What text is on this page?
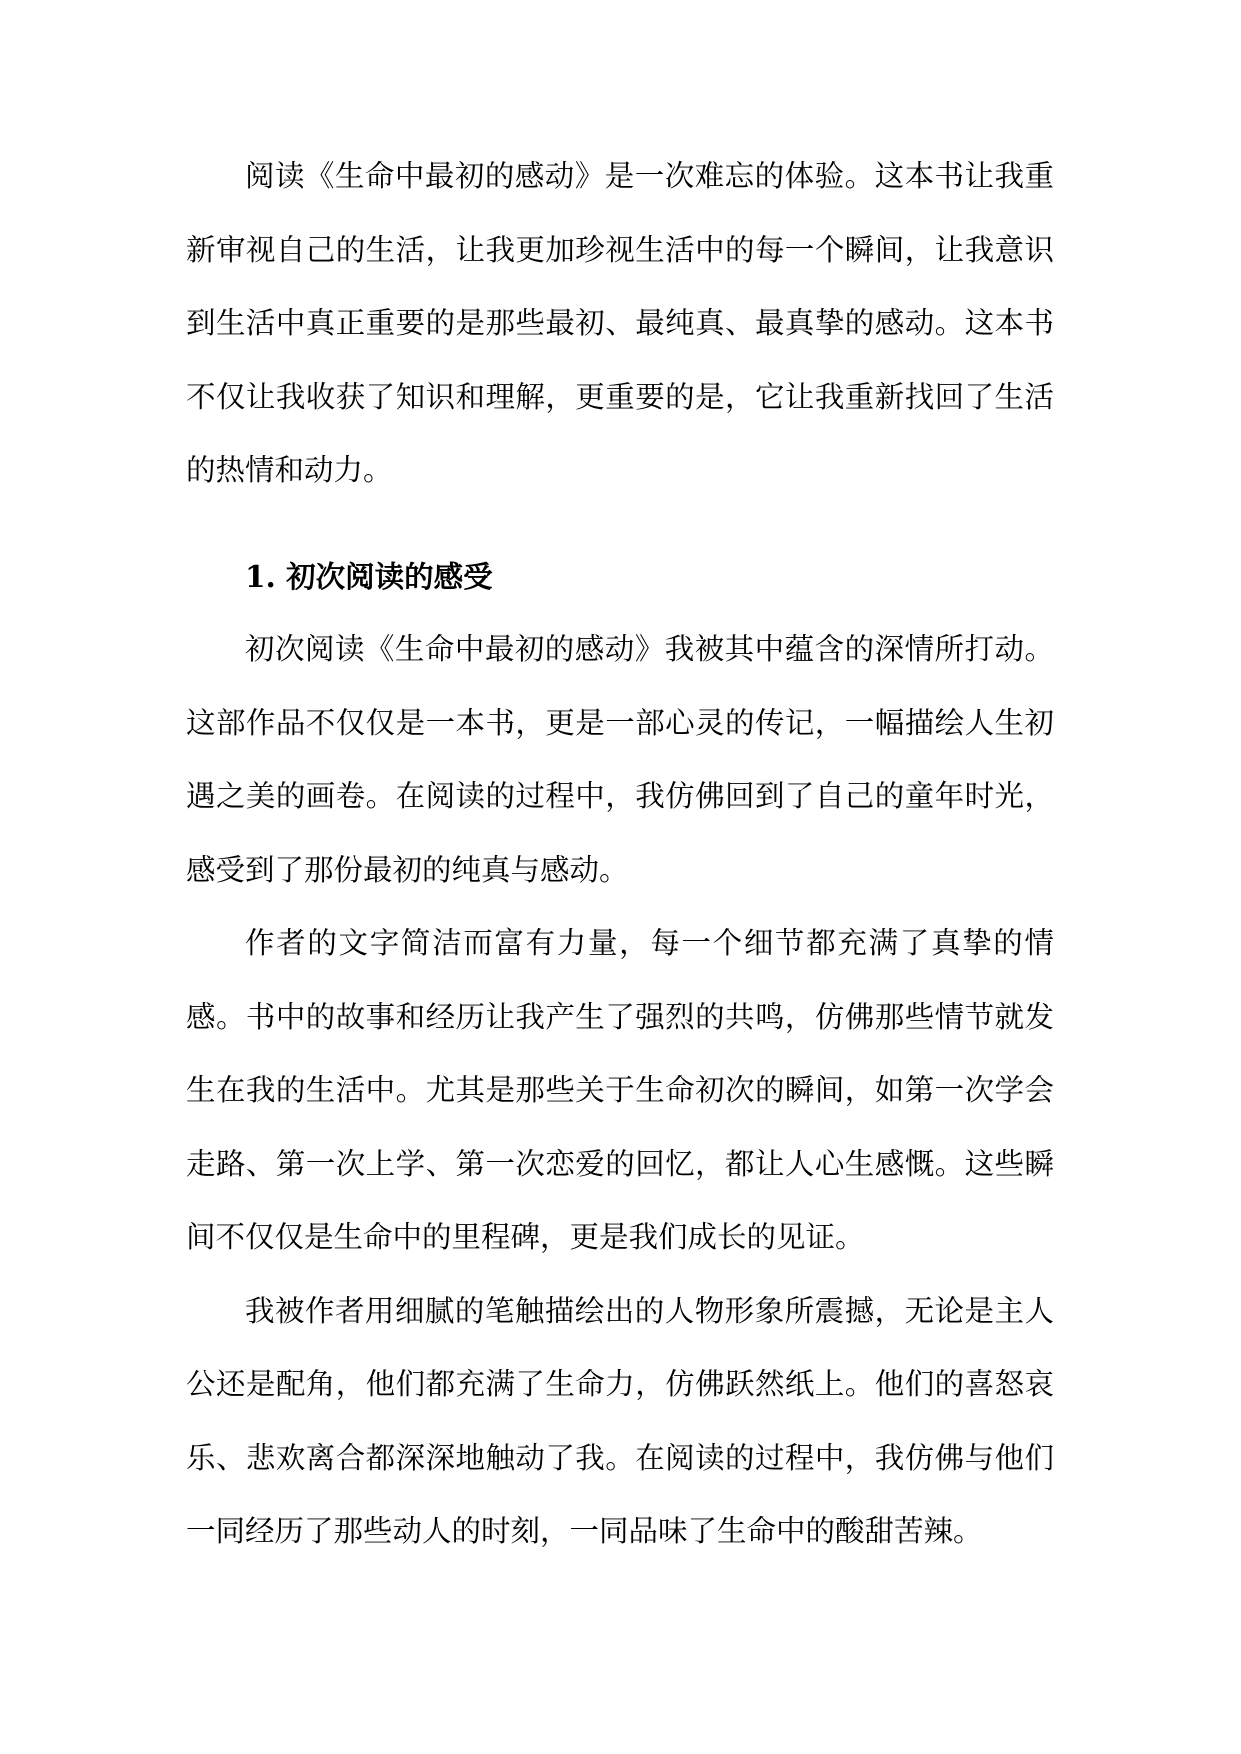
阅读《生命中最初的感动》是一次难忘的体验。这本书让我重新审视自己的生活，让我更加珍视生活中的每一个瞬间，让我意识到生活中真正重要的是那些最初、最纯真、最真挚的感动。这本书不仅让我收获了知识和理解，更重要的是，它让我重新找回了生活的热情和动力。

1. 初次阅读的感受

初次阅读《生命中最初的感动》我被其中蕴含的深情所打动。这部作品不仅仅是一本书，更是一部心灵的传记，一幅描绘人生初遇之美的画卷。在阅读的过程中，我仿佛回到了自己的童年时光，感受到了那份最初的纯真与感动。

作者的文字简洁而富有力量，每一个细节都充满了真挚的情感。书中的故事和经历让我产生了强烈的共鸣，仿佛那些情节就发生在我的生活中。尤其是那些关于生命初次的瞬间，如第一次学会走路、第一次上学、第一次恋爱的回忆，都让人心生感慨。这些瞬间不仅仅是生命中的里程碑，更是我们成长的见证。

我被作者用细腻的笔触描绘出的人物形象所震撼，无论是主人公还是配角，他们都充满了生命力，仿佛跃然纸上。他们的喜怒哀乐、悲欢离合都深深地触动了我。在阅读的过程中，我仿佛与他们一同经历了那些动人的时刻，一同品味了生命中的酸甜苦辣。
